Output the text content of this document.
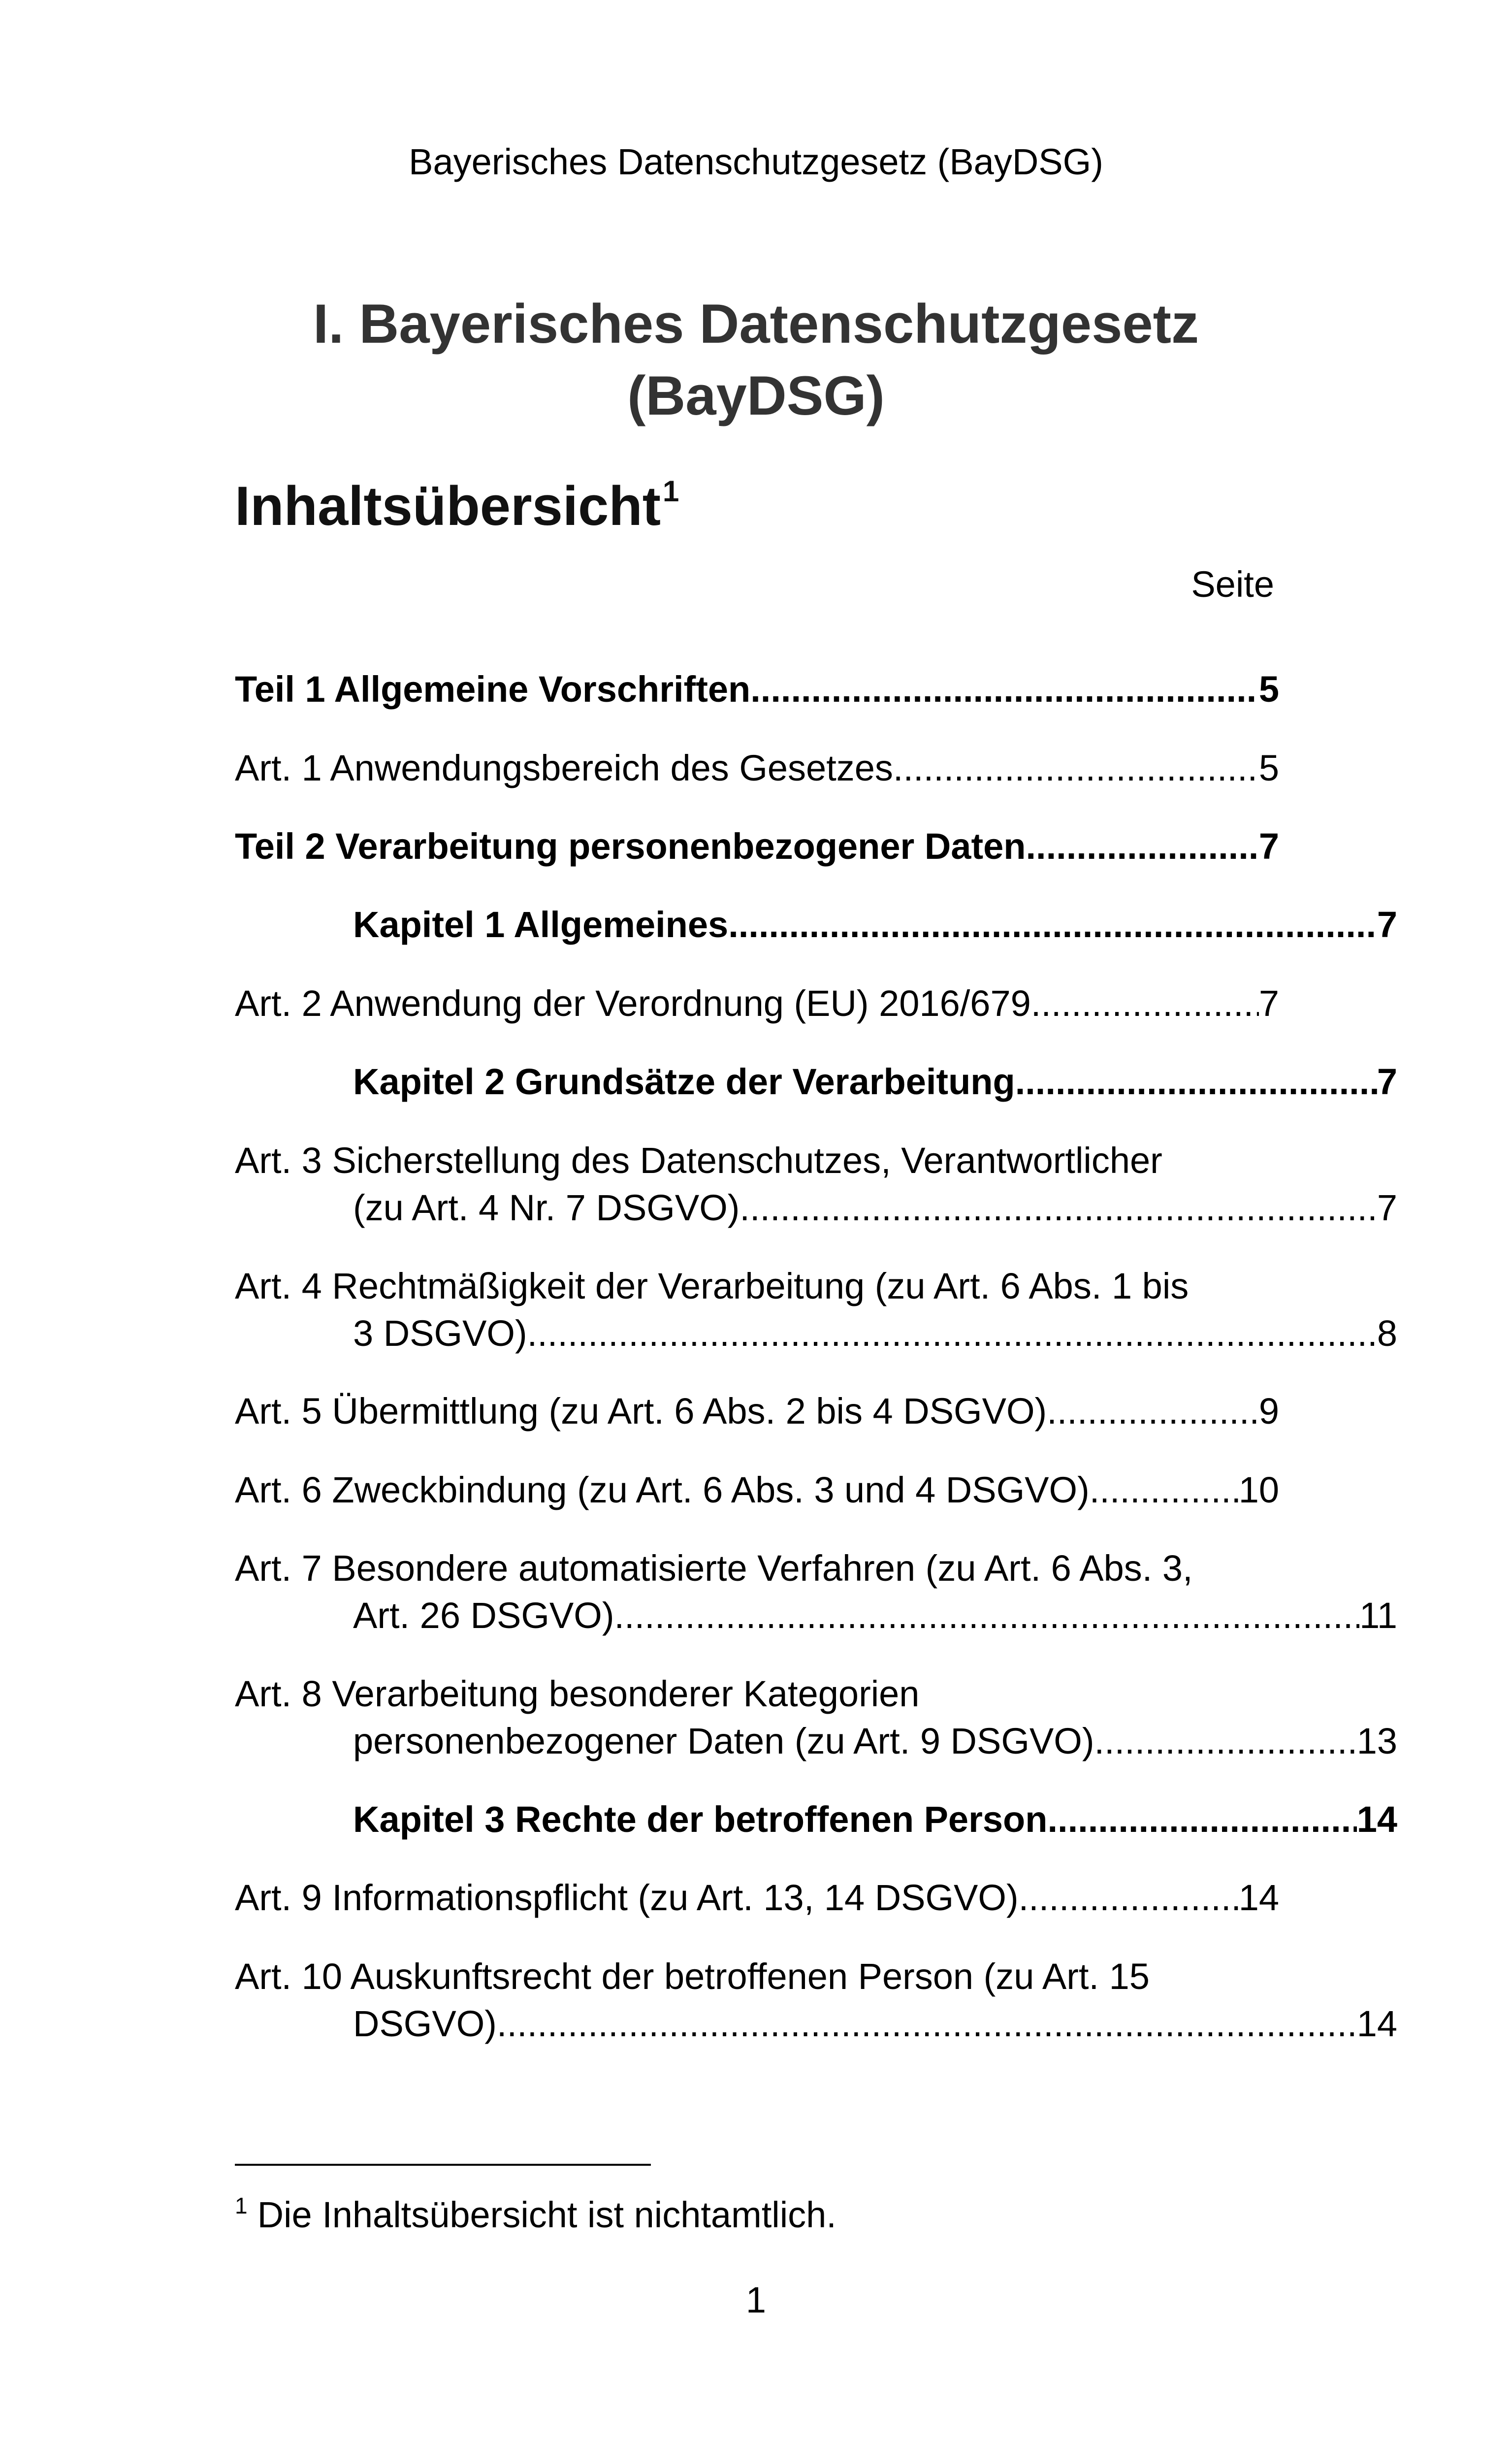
Bayerisches Datenschutzgesetz (BayDSG)
I. Bayerisches Datenschutzgesetz
(BayDSG)
Inhaltsübersicht$^1$
Seite
Teil 1 Allgemeine Vorschriften .....	5
Art. 1 Anwendungsbereich des Gesetzes .....	5
Teil 2 Verarbeitung personenbezogener Daten .....	7
Kapitel 1 Allgemeines .....	7
Art. 2 Anwendung der Verordnung (EU) 2016/679 .....	7
Kapitel 2 Grundsätze der Verarbeitung .....	7
Art. 3 Sicherstellung des Datenschutzes, Verantwortlicher
(zu Art. 4 Nr. 7 DSGVO) .....	7
Art. 4 Rechtmäßigkeit der Verarbeitung (zu Art. 6 Abs. 1 bis
3 DSGVO) .....	8
Art. 5 Übermittlung (zu Art. 6 Abs. 2 bis 4 DSGVO) .....	9
Art. 6 Zweckbindung (zu Art. 6 Abs. 3 und 4 DSGVO) .....	10
Art. 7 Besondere automatisierte Verfahren (zu Art. 6 Abs. 3,
Art. 26 DSGVO) .....	11
Art. 8 Verarbeitung besonderer Kategorien
personenbezogener Daten (zu Art. 9 DSGVO) .....	13
Kapitel 3 Rechte der betroffenen Person .....	14
Art. 9 Informationspflicht (zu Art. 13, 14 DSGVO) .....	14
Art. 10 Auskunftsrecht der betroffenen Person (zu Art. 15
DSGVO) .....	14
$^1$ Die Inhaltsübersicht ist nichtamtlich.
1
